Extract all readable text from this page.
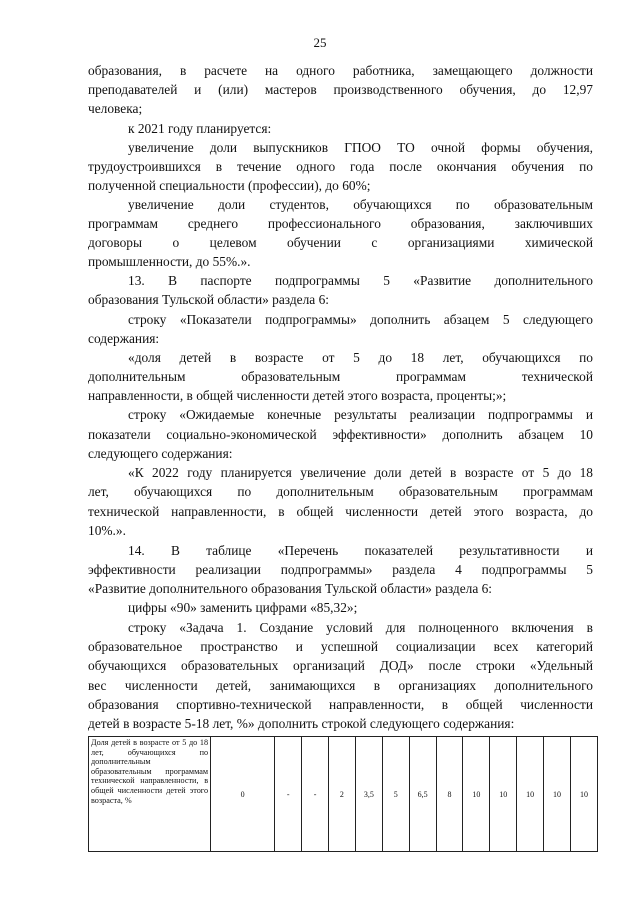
25
образования, в расчете на одного работника, замещающего должности
преподавателей и (или) мастеров производственного обучения, до 12,97
человека;
к 2021 году планируется:
увеличение доли выпускников ГПОО ТО очной формы обучения,
трудоустроившихся в течение одного года после окончания обучения по
полученной специальности (профессии), до 60%;
увеличение доли студентов, обучающихся по образовательным
программам среднего профессионального образования, заключивших
договоры о целевом обучении с организациями химической
промышленности, до 55%.».
13. В паспорте подпрограммы 5 «Развитие дополнительного
образования Тульской области» раздела 6:
строку «Показатели подпрограммы» дополнить абзацем 5 следующего
содержания:
«доля детей в возрасте от 5 до 18 лет, обучающихся по
дополнительным образовательным программам технической
направленности, в общей численности детей этого возраста, проценты;»;
строку «Ожидаемые конечные результаты реализации подпрограммы и
показатели социально-экономической эффективности» дополнить абзацем 10
следующего содержания:
«К 2022 году планируется увеличение доли детей в возрасте от 5 до 18
лет, обучающихся по дополнительным образовательным программам
технической направленности, в общей численности детей этого возраста, до
10%.».
14. В таблице «Перечень показателей результативности и
эффективности реализации подпрограммы» раздела 4 подпрограммы 5
«Развитие дополнительного образования Тульской области» раздела 6:
цифры «90» заменить цифрами «85,32»;
строку «Задача 1. Создание условий для полноценного включения в
образовательное пространство и успешной социализации всех категорий
обучающихся образовательных организаций ДОД» после строки «Удельный
вес численности детей, занимающихся в организациях дополнительного
образования спортивно-технической направленности, в общей численности
детей в возрасте 5-18 лет, %» дополнить строкой следующего содержания:
Доля детей в возрасте от 5 до 18 лет, обучающихся по дополнительным образовательным программам технической направленности, в общей численности детей этого возраста, %	0	-	-	2	3,5	5	6,5	8	10	10	10	10	10
